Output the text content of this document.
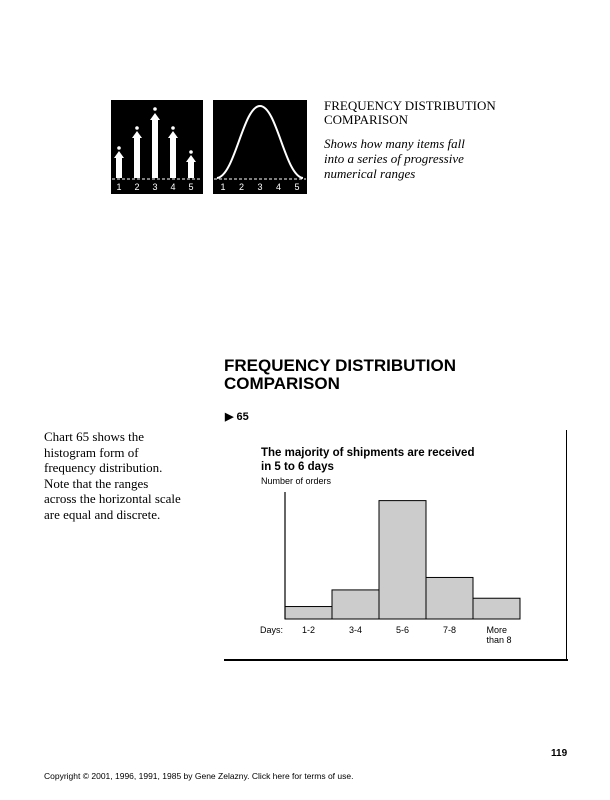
1 2 3 4 5	1 2 3 4 5
FREQUENCY DISTRIBUTION
COMPARISON
Shows how many items fall
into a series of progressive
numerical ranges
FREQUENCY DISTRIBUTION
COMPARISON
▶ 65
Chart 65 shows the
histogram form of
frequency distribution.
Note that the ranges
across the horizontal scale
are equal and discrete.
The majority of shipments are received
in 5 to 6 days
Number of orders
Days: 1-2	3-4	5-6	7-8	More than 8
119
Copyright © 2001, 1996, 1991, 1985 by Gene Zelazny. Click here for terms of use.
